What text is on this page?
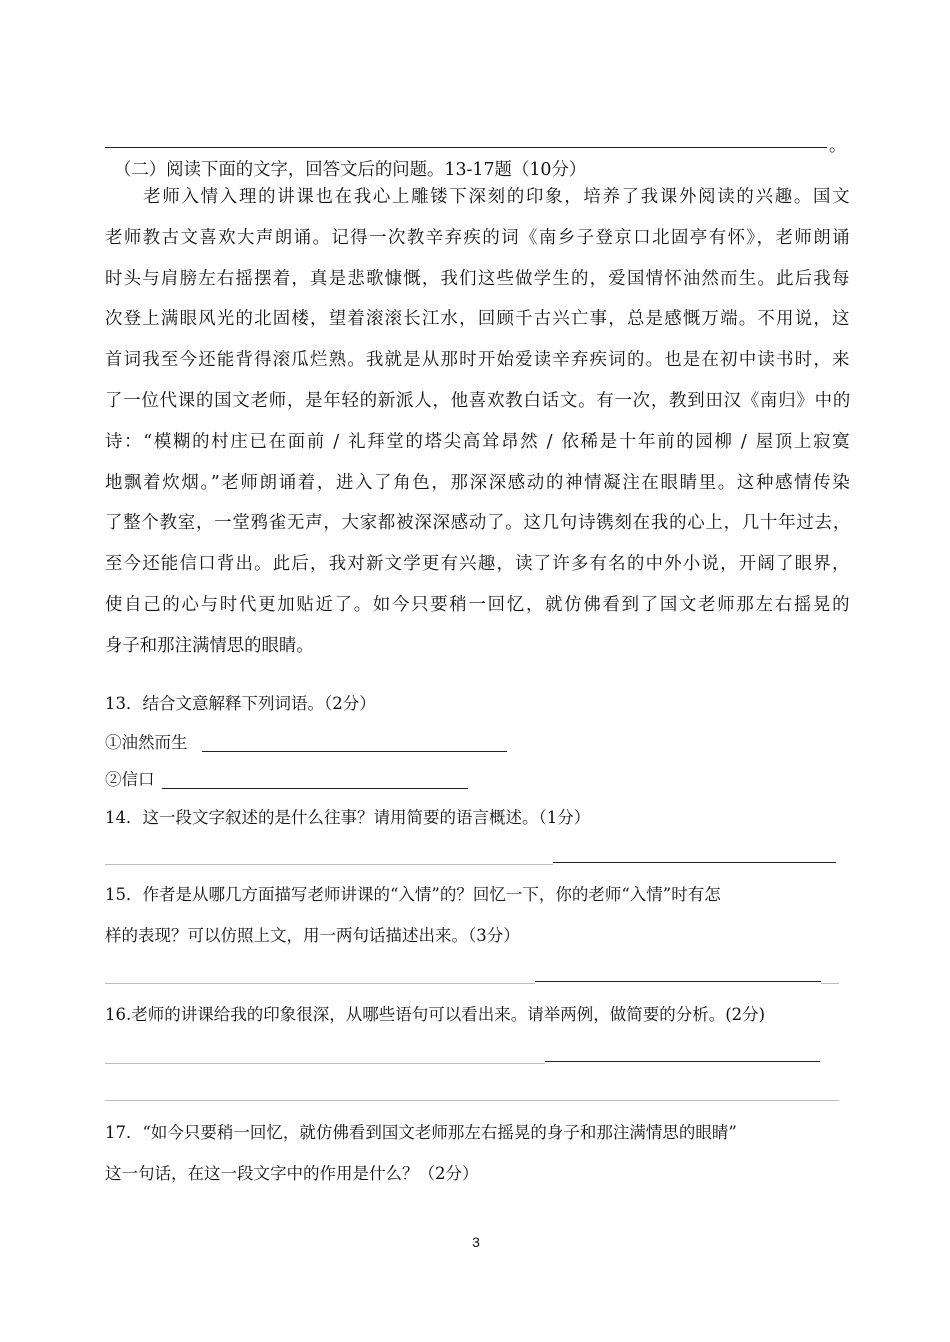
。
（二）阅读下面的文字，回答文后的问题。13-17题（10分）
　　老师入情入理的讲课也在我心上雕镂下深刻的印象，培养了我课外阅读的兴趣。国文
老师教古文喜欢大声朗诵。记得一次教辛弃疾的词《南乡子登京口北固亭有怀》，老师朗诵
时头与肩膀左右摇摆着，真是悲歌慷慨，我们这些做学生的，爱国情怀油然而生。此后我每
次登上满眼风光的北固楼，望着滚滚长江水，回顾千古兴亡事，总是感慨万端。不用说，这
首词我至今还能背得滚瓜烂熟。我就是从那时开始爱读辛弃疾词的。也是在初中读书时，来
了一位代课的国文老师，是年轻的新派人，他喜欢教白话文。有一次，教到田汉《南归》中的
诗：“模糊的村庄已在面前 / 礼拜堂的塔尖高耸昂然 / 依稀是十年前的园柳 / 屋顶上寂寞
地飘着炊烟。”老师朗诵着，进入了角色，那深深感动的神情凝注在眼睛里。这种感情传染
了整个教室，一堂鸦雀无声，大家都被深深感动了。这几句诗镌刻在我的心上，几十年过去，
至今还能信口背出。此后，我对新文学更有兴趣，读了许多有名的中外小说，开阔了眼界，
使自己的心与时代更加贴近了。如今只要稍一回忆，就仿佛看到了国文老师那左右摇晃的
身子和那注满情思的眼睛。
13．结合文意解释下列词语。（2分）
①油然而生
②信口
14．这一段文字叙述的是什么往事？请用简要的语言概述。（1分）
15．作者是从哪几方面描写老师讲课的“入情”的？回忆一下，你的老师“入情”时有怎
样的表现？可以仿照上文，用一两句话描述出来。（3分）
16.老师的讲课给我的印象很深，从哪些语句可以看出来。请举两例，做简要的分析。(2分)
17．“如今只要稍一回忆，就仿佛看到国文老师那左右摇晃的身子和那注满情思的眼睛”
这一句话，在这一段文字中的作用是什么？（2分）
3
